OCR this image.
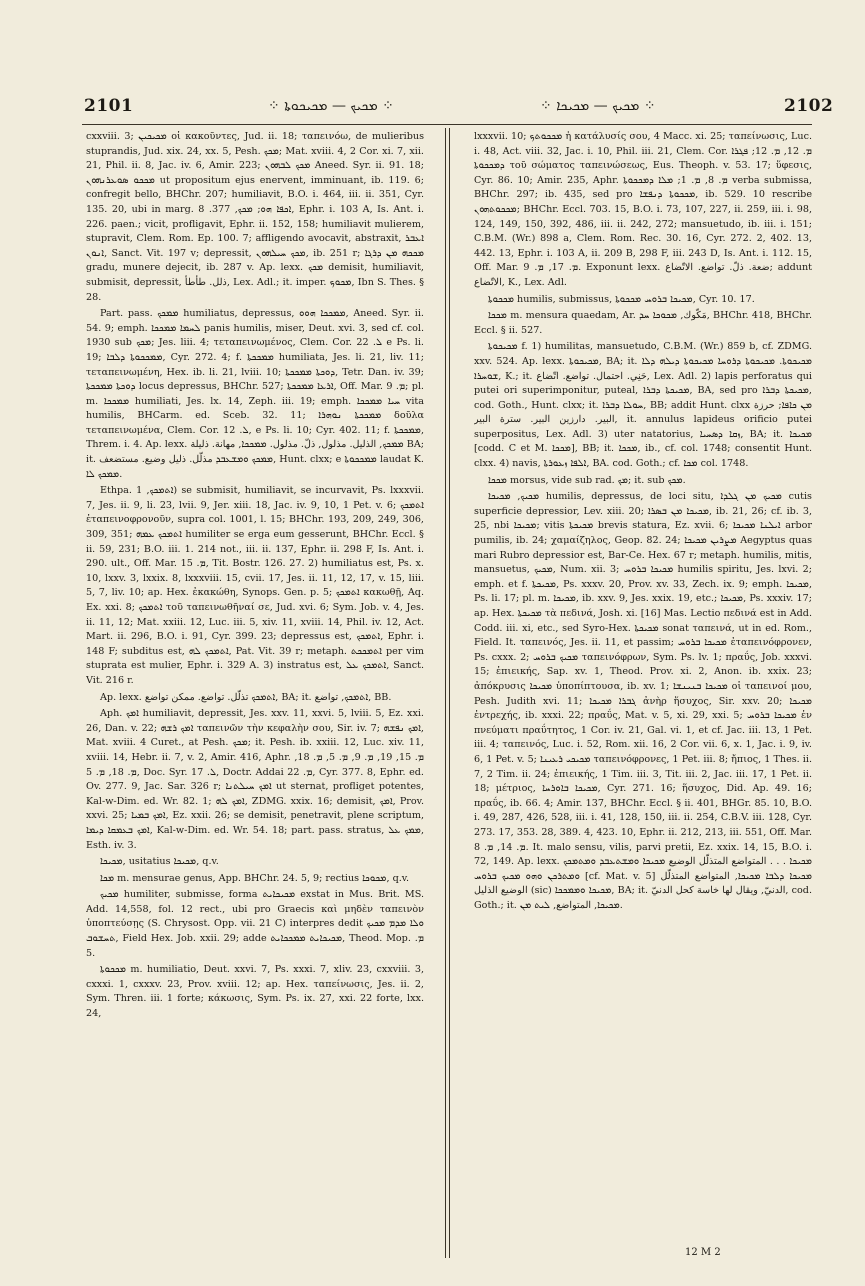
2101	⁘ ܡܟܝܟ — ܡܟܝܟܘܬܐ ⁘	⁘ ܡܟܝܟ — ܡܟܝܟܐ ⁘	2102

cxxviii. 3; ܡܟܝܟܝܢ οἱ κακοῦντες, Jud. ii. 18; ταπεινόω, de mulieribus stuprandis, Jud. xix. 24, xx. 5, Pesh. ܡܟܟ; Mat. xviii. 4, 2 Cor. xi. 7, xii. 21, Phil. ii. 8, Jac. iv. 6, Amir. 223; ܡܟܟ ܠܒܗܘܢ Aneed. Syr. ii. 91. 18; ܡܟܟܘ ܣܘܥܪܢܗܘܢ ut propositum ejus enervent, imminuant, ib. 119. 6; confregit bello, BHChr. 207; humiliavit, B.O. i. 464, iii. ii. 351, Cyr. 135. 20, ubi in marg. ܐܟܦܐ ܗܘ; ܡܟܟ, 377. 8, Ephr. i. 103 A, Is. Ant. i. 226. paen.; vicit, profligavit, Ephr. ii. 152, 158; humiliavit mulierem, stupravit, Clem. Rom. Ep. 100. 7; affligendo avocavit, abstraxit, ܐܥܒܪ ܐܢܘܢ, Sanct. Vit. 197 v; depressit, ܡܟܟ ܚܝܠܗܘܢ, ib. 251 r; ܡܟܟܗ ܡܢ ܕܪܓܐ gradu, munere dejecit, ib. 287 v. Ap. lexx. ܡܟܟ demisit, humiliavit, submisit, depressit, ذلل. طأطأ, Lex. Adl.; it. imper. ܡܟܘܟ, Ibn S. Thes. § 28.

Part. pass. ܡܡܟܟ humiliatus, depressus, ܡܡܟܟܐ ܗܘܘ, Aneed. Syr. ii. 54. 9; emph. ܠܚܡܐ ܡܡܟܟܐ panis humilis, miser, Deut. xvi. 3, sed cf. col. 1930 sub ܡܟܟ; Jes. liii. 4; τεταπεινωμένος, Clem. Cor. ܠ. 22 e Ps. li. 19; ܡܡܟܟܘܬܐ ܕܠܒܐ, Cyr. 272. 4; f. ܡܡܟܟܬܐ humiliata, Jes. li. 21, liv. 11; τεταπεινωμένη, Hex. ib. li. 21, lviii. 10; ܕܘܟܬܐ ܡܡܟܟܬܐ, Tetr. Dan. iv. 39; ܕܘܟܬܐ ܡܡܟܟܬܐ locus depressus, BHChr. 527; ܐܪܥܐ ܡܡܟܟܬܐ, Off. Mar. ܡ. 9; pl. m. ܡܡܟܟܐ humiliati, Jes. lx. 14, Zeph. iii. 19; emph. ܚܝܐ ܡܡܟܟܐ vita humilis, BHCarm. ed. Sceb. 32. 11; ܡܡܟܟܬܐ ܢܘܗܪܐ δοῦλα τεταπεινωμένα, Clem. Cor. ܠ. 12, e Ps. li. 10; Cyr. 402. 11; f. ܡܡܟܟܬܐ, Threm. i. 4. Ap. lexx. ܡܡܟܟ, الذليل. مذلول, ذلّ. مذلول. ܡܡܟܟܐ, مهانة. ذليلة BA; it. ܡܡܟܟ ܘܡܫܥܒܕ مذلّل. ذليل وضيع. مستضعف, Hunt. clxx; e ܡܡܟܟܘܬܐ laudat K. ܡܡܟܟ ܠܐ.

Ethpa. ܐܬܡܟܟ, 1) se submisit, humiliavit, se incurvavit, Ps. lxxxvii. 7, Jes. ii. 9, li. 23, lvii. 9, Jer. xiii. 18, Jac. iv. 9, 10, 1 Pet. v. 6; ܐܬܡܟܟ ἐταπεινοφρονοῦν, supra col. 1001, l. 15; BHChr. 193, 209, 249, 306, 309, 351; ܐܬܡܟܟ ܥܡܗ humiliter se erga eum gesserunt, BHChr. Eccl. § ii. 59, 231; B.O. iii. 1. 214 not., iii. ii. 137, Ephr. ii. 298 F, Is. Ant. i. 290. ult., Off. Mar. ܡ. 15, Tit. Bostr. 126. 27. 2) humiliatus est, Ps. x. 10, lxxv. 3, lxxix. 8, lxxxviii. 15, cvii. 17, Jes. ii. 11, 12, 17, v. 15, liii. 5, 7, liv. 10; ap. Hex. ἐκακώθη, Synops. Gen. p. 5; ܐܬܡܟܟ κακωθῇ, Aq. Ex. xxi. 8; ܐܬܡܟܟ τοῦ ταπεινωθῆναί σε, Jud. xvi. 6; Sym. Job. v. 4, Jes. ii. 11, 12; Mat. xxiii. 12, Luc. iii. 5, xiv. 11, xviii. 14, Phil. iv. 12, Act. Mart. ii. 296, B.O. i. 91, Cyr. 399. 23; depressus est, ܐܬܡܟܟ, Ephr. i. 148 F; subditus est, ܐܬܡܟܟ ܠܗ, Pat. Vit. 39 r; metaph. ܐܬܡܟܟܬ per vim stuprata est mulier, Ephr. i. 329 A. 3) instratus est, ܐܬܡܟܟ ܥܠ, Sanct. Vit. 216 r.

Ap. lexx. ܐܬܡܟܟ تذلّل. تواضع. ممكن تواضع, BA; it. ܐܬܡܟܟ, تواضع, BB.

Aph. ܐܡܟ humiliavit, depressit, Jes. xxv. 11, xxvi. 5, lviii. 5, Ez. xxi. 26, Dan. v. 22; ܐܡܟ ܪܫܗ ταπεινῶν τὴν κεφαλὴν σου, Sir. iv. 7; ܐܡܟ ܢܦܫܗ, Mat. xviii. 4 Curet., at Pesh. ܡܟܟ; it. Pesh. ib. xxiii. 12, Luc. xiv. 11, xviii. 14, Hebr. ii. 7, v. 2, Amir. 416, Aphr. ܡ. 15, 19, ܡ. 9, ܡ. 5, ܡ. 18, ܡ. 18, ܡ. 5, Doc. Syr. ܠ. 17, Doctr. Addai ܡ. 22, Cyr. 377. 8, Ephr. ed. Ov. 277. 9, Jac. Sar. 326 r; ܐܡܟ ܚܝܠܬܢܐ ut sternat, profliget potentes, Kal-w-Dim. ed. Wr. 82. 1; ܐܡܟ ܠܗ, ZDMG. xxix. 16; demisit, ܐܡܟ, Prov. xxvi. 25; ܐܡܟ ܒܡܝܐ, Ez. xxii. 26; se demisit, penetravit, plene scriptum, ܐܡܟ ܒܥܡܩܐ ܕܝܡܐ, Kal-w-Dim. ed. Wr. 54. 18; part. pass. stratus, ܡܡܟ ܥܠ, Esth. iv. 3.

ܡܟܝܟܐ, usitatius ܡܟܝܟܐ, q.v.

ܡܟܐ m. mensurae genus, App. BHChr. 24. 5, 9; rectius ܡܟܘܟܐ, q.v.

ܡܟܝܟ humiliter, submisse, forma ܡܟܝܟܐܝܬ exstat in Mus. Brit. MS. Add. 14,558, fol. 12 rect., ubi pro Graecis καὶ μηδὲν ταπεινὸν ὑποπτεύσῃς (S. Chrysost. Opp. vii. 21 C) interpres dedit ܘܠܐ ܡܕܡ ܡܟܝܟ ܬܚܫܘܒ, Field Hex. Job. xxii. 29; adde ܡܟܝܟܐܝܬ ܡܡܟܟܐܝܬ, Theod. Mop. ܡ. 5.

ܡܟܟܘܬܐ m. humiliatio, Deut. xxvi. 7, Ps. xxxi. 7, xliv. 23, cxxviii. 3, cxxxi. 1, cxxxv. 23, Prov. xviii. 12; ap. Hex. ταπείνωσις, Jes. ii. 2, Sym. Thren. iii. 1 forte; κάκωσις, Sym. Ps. ix. 27, xxi. 22 forte, lxx. 24,

lxxxvii. 10; ܡܟܟܘܬܟ ἡ κατάλυσίς σου, 4 Macc. xi. 25; ταπείνωσις, Luc. i. 48, Act. viii. 32, Jac. i. 10, Phil. iii. 21, Clem. Cor. ܡ. 12, ܡ. 12; ܦܓܪܐ ܕܡܟܟܘܬܐ τοῦ σώματος ταπεινώσεως, Eus. Theoph. v. 53. 17; ὕφεσις, Cyr. 86. 10; Amir. 235, Aphr. ܡ. 8, ܡ. 1; ܡܠܐ ܕܡܟܟܘܬܐ verba submissa, BHChr. 297; ib. 435, sed pro ܡܟܟܘܬܐ ܕܢܦܫܐ, ib. 529. 10 rescribe ܡܟܟܘܬܗܘܢ; BHChr. Eccl. 703. 15, B.O. i. 73, 107, 227, ii. 259, iii. i. 98, 124, 149, 150, 392, 486, iii. ii. 242, 272; mansuetudo, ib. iii. i. 151; C.B.M. (Wr.) 898 a, Clem. Rom. Rec. 30. 16, Cyr. 272. 2, 402. 13, 442. 13, Ephr. i. 103 A, ii. 209 B, 298 F, iii. 243 D, Is. Ant. i. 112. 15, Off. Mar. ܡ. 17, ܡ. 9. Exponunt lexx. ضعة. ذلّ. تواضع. الاتّضاع; addunt الاتّضاع, K., Lex. Adl.

ܡܟܟܘܬܐ humilis, submissus, ܡܟܝܟܐ ܒܪܘܚ ܡܟܟܘܬܐ, Cyr. 10. 17.

ܡܟܟܐ m. mensura quaedam, Ar. مَكّوك, ܡܟܘܟܐ ܚܕ, BHChr. 418, BHChr. Eccl. § ii. 527.

ܡܟܝܟܘܬܐ f. 1) humilitas, mansuetudo, C.B.M. (Wr.) 859 b, cf. ZDMG. xxv. 524. Ap. lexx. ܡܟܝܟܘܬܐ, BA; it. ܡܟܝܟܘܬܐ. ܡܟܝܟܘܬܐ ܕܪܘܚܐ ܡܟܝܟܘܬܐ ܕܝܠܗ ܕܠܐ ܫܘܚܪܐ, K.; it. حَنِي. احتمال. تواضع. اتّضاع, Lex. Adl. 2) lapis perforatus qui putei ori superimponitur, puteal, ܡܟܝܟܬܐ ܕܒܪܐ, BA, sed pro ܡܟܝܟܬܐ ܕܒܪܐ, cod. Goth., Hunt. clxx; it. ܚܘܠܐ ܕܒܪܐ, BB; addit Hunt. clxx ܡܢ ܟܐܦܐ; حرزة البير. دارزين البير. سترة البير, it. annulus lapideus orificio putei superpositus, Lex. Adl. 3) uter natatorius, ܙܩܐ ܕܣܚܝܐ, BA; it. ܡܟܝܟܐ [codd. C et M. ܡܟܟܐ], BB; it. ܡܟܟܐ, ib., cf. col. 1748; consentit Hunt. clxx. 4) navis, ܐܠܦܐ ܙܥܘܪܬܐ, BA. cod. Goth.; cf. ܡܟܐ col. 1748.

ܡܟܟܐ morsus, vide sub rad. ܡܟ; it. sub ܡܟܟ.

ܡܟܝܟ, ܡܟܝܟܐ humilis, depressus, de loci situ, ܡܟܝܟ ܡܢ ܓܠܕܐ cutis superficie depressior, Lev. xiii. 20; ܡܟܝܟܐ ܡܢ ܒܣܪܐ, ib. 21, 26; cf. ib. 3, 25, nbi ܡܟܝܟܐ; vitis ܡܟܝܟܬܐ brevis statura, Ez. xvii. 6; ܐܝܠܢܐ ܡܟܝܟܐ arbor pumilis, ib. 24; χαμαίζηλος, Geop. 82. 24; ܡܨܪܝܢ ܡܟܝܟܐ Aegyptus quas mari Rubro depressior est, Bar-Ce. Hex. 67 r; metaph. humilis, mitis, mansuetus, ܡܟܝܟ, Num. xii. 3; ܡܟܝܟܐ ܒܪܘܚ humilis spiritu, Jes. lxvi. 2; emph. et f. ܡܟܝܟܬܐ, Ps. xxxv. 20, Prov. xv. 33, Zech. ix. 9; emph. ܡܟܝܟܐ, Ps. li. 17; pl. m. ܡܟܝܟܐ, ib. xxv. 9, Jes. xxix. 19, etc.; ܡܟܝܟܐ, Ps. xxxiv. 17; ap. Hex. ܡܟܝܟܬܐ τὰ πεδινά, Josh. xi. [16] Mas. Lectio πεδινά est in Add. Codd. iii. xi, etc., sed Syro-Hex. ܡܟܝܟܬܐ sonat ταπεινά, ut in ed. Rom., Field. It. ταπεινός, Jes. ii. 11, et passim; ܡܟܝܟܐ ܒܪܘܚ ἐταπεινόφρονεν, Ps. cxxx. 2; ܡܟܝܟ ܒܪܘܚ ταπεινόφρων, Sym. Ps. lv. 1; πραΰς, Job. xxxvi. 15; ἐπιεικής, Sap. xv. 1, Theod. Prov. xi. 2, Anon. ib. xxix. 23; ἀπόκρυσις ܡܟܝܟܐ ὑποπίπτουσα, ib. xv. 1; ܡܟܝܟܐ ܒܢܝܢܫܐ οἱ ταπεινοί μου, Pesh. Judith xvi. 11; ܓܒܪܐ ܡܟܝܟܐ ἀνὴρ ἥσυχος, Sir. xxv. 20; ܡܟܝܟܐ ἐντρεχής, ib. xxxi. 22; πραΰς, Mat. v. 5, xi. 29, xxi. 5; ܡܟܝܟܐ ܒܪܘܚ ἐν πνεύματι πραΰτητος, 1 Cor. iv. 21, Gal. vi. 1, et cf. Jac. iii. 13, 1 Pet. iii. 4; ταπεινός, Luc. i. 52, Rom. xii. 16, 2 Cor. vii. 6, x. 1, Jac. i. 9, iv. 6, 1 Pet. v. 5; ܡܟܝܟܝ ܪܥܝܢܐ ταπεινόφρονες, 1 Pet. iii. 8; ἤπιος, 1 Thes. ii. 7, 2 Tim. ii. 24; ἐπιεικής, 1 Tim. iii. 3, Tit. iii. 2, Jac. iii. 17, 1 Pet. ii. 18; μέτριος, ܡܟܝܟܐ ܒܐܘܪܚܐ, Cyr. 271. 16; ἥσυχος, Did. Ap. 49. 16; πραΰς, ib. 66. 4; Amir. 137, BHChr. Eccl. § ii. 401, BHGr. 85. 10, B.O. i. 49, 287, 426, 528, iii. i. 41, 128, 150, iii. ii. 254, C.B.V. iii. 128, Cyr. 273. 17, 353. 28, 389. 4, 423. 10, Ephr. ii. 212, 213, iii. 551, Off. Mar. ܡ. 14, ܡ. 8. It. malo sensu, vilis, parvi pretii, Ez. xxix. 14, 15, B.O. i. 72, 149. Ap. lexx. ܡܟܝܟܐ . . . المتواضع المتذلّل الوضيع ܡܟܝܟܐ ܘܡܫܬܥܒܕ ܘܡܬܡܟܟ ܘܡܬܪܟܢ ܘܗܘ ܡܟܝܟ ܒܪܘܚ [cf. Mat. v. 5] ܡܟܝܟܐ ܕܠܒܐ ܡܟܝܟܐ, المتواضع المتذلّل الوضيع الذليل (sic) ܡܟܝܟܐ ܘܡܡܟܟܐ, BA; it. الدنيّ, ويقال لها خاسة كحل الدنيّ, cod. Goth.; it. ܡܟܝܟܐ, المتواضع, ܠܝܬ ܡܢ.

12 M 2
